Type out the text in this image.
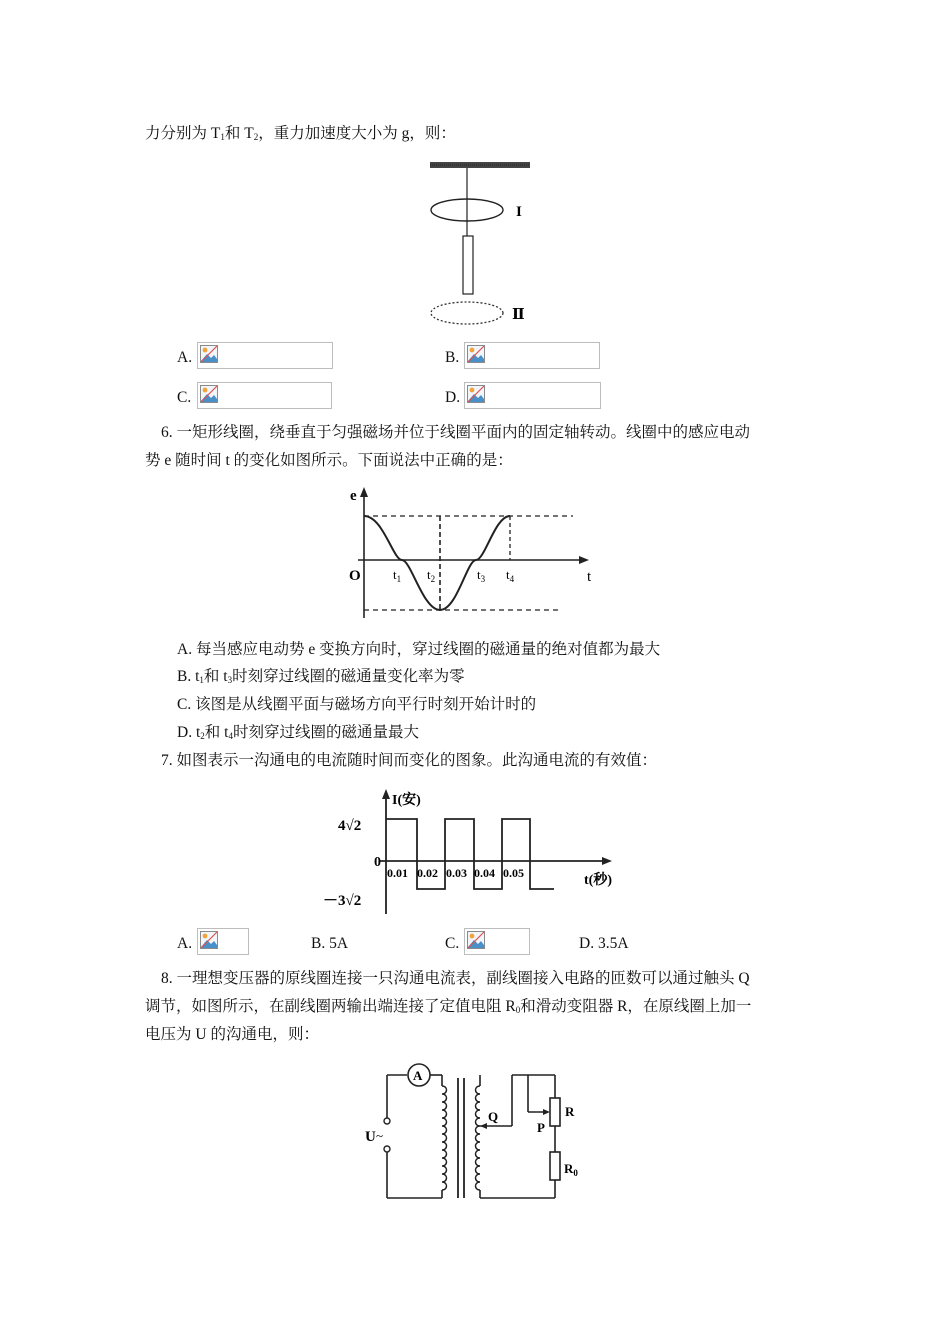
力分别为 $T_1$和 $T_2$，重力加速度大小为 g，则：
I
Ⅱ
A.	B.
C.	D.
6. 一矩形线圈，绕垂直于匀强磁场并位于线圈平面内的固定轴转动。线圈中的感应电动
势 e 随时间 t 的变化如图所示。下面说法中正确的是：
e
t
O $t_1$ $t_2$	$t_3$ $t_4$
A. 每当感应电动势 e 变换方向时，穿过线圈的磁通量的绝对值都为最大
B. $t_1$和 $t_3$时刻穿过线圈的磁通量变化率为零
C. 该图是从线圈平面与磁场方向平行时刻开始计时的
D. $t_2$和 $t_4$时刻穿过线圈的磁通量最大
7. 如图表示一沟通电的电流随时间而变化的图象。此沟通电流的有效值：
I(安)
4√2
0
－3√2
0.01 0.02 0.03 0.04 0.05	t(秒)
A.	B. 5A	C.	D. 3.5A
8. 一理想变压器的原线圈连接一只沟通电流表，副线圈接入电路的匝数可以通过触头 Q
调节，如图所示，在副线圈两输出端连接了定值电阻 $R_0$和滑动变阻器 R，在原线圈上加一
电压为 U 的沟通电，则：
A
U ~
Q	R
P
$R_0$
